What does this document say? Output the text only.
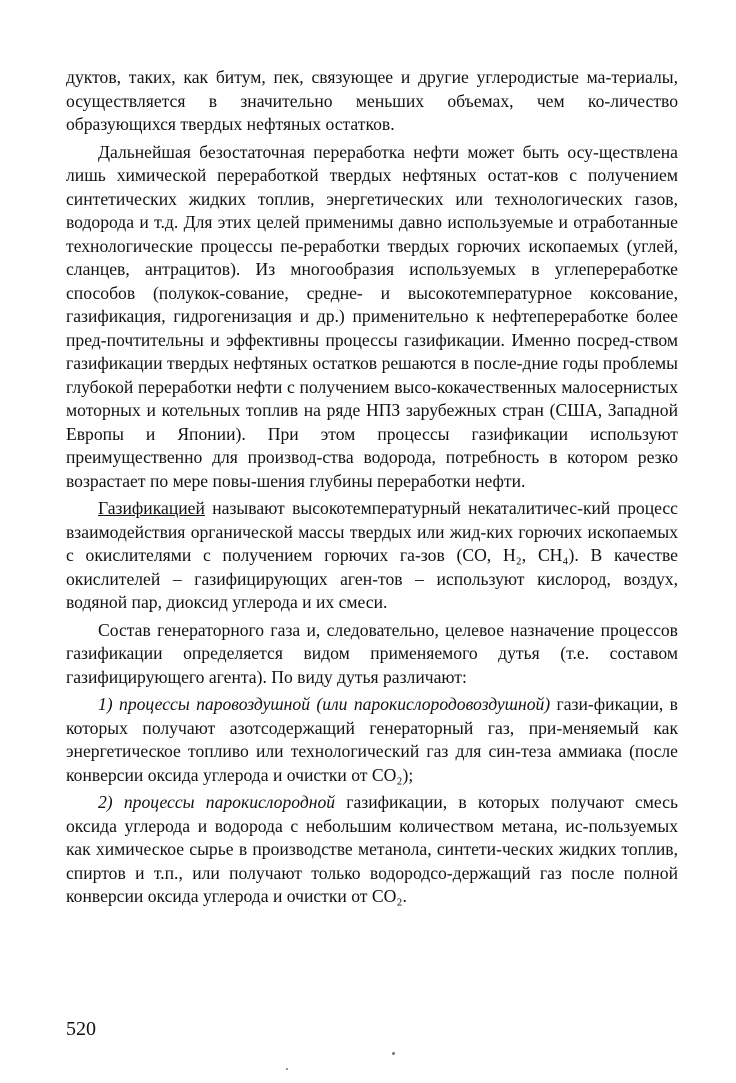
дуктов, таких, как битум, пек, связующее и другие углеродистые ма-териалы, осуществляется в значительно меньших объемах, чем ко-личество образующихся твердых нефтяных остатков.

Дальнейшая безостаточная переработка нефти может быть осу-ществлена лишь химической переработкой твердых нефтяных остат-ков с получением синтетических жидких топлив, энергетических или технологических газов, водорода и т.д. Для этих целей применимы давно используемые и отработанные технологические процессы пе-реработки твердых горючих ископаемых (углей, сланцев, антрацитов). Из многообразия используемых в углепереработке способов (полукок-сование, средне- и высокотемпературное коксование, газификация, гидрогенизация и др.) применительно к нефтепереработке более пред-почтительны и эффективны процессы газификации. Именно посред-ством газификации твердых нефтяных остатков решаются в после-дние годы проблемы глубокой переработки нефти с получением высо-кокачественных малосернистых моторных и котельных топлив на ряде НПЗ зарубежных стран (США, Западной Европы и Японии). При этом процессы газификации используют преимущественно для производ-ства водорода, потребность в котором резко возрастает по мере повы-шения глубины переработки нефти.

Газификацией называют высокотемпературный некаталитичес-кий процесс взаимодействия органической массы твердых или жид-ких горючих ископаемых с окислителями с получением горючих га-зов (СО, Н₂, СН₄). В качестве окислителей – газифицирующих аген-тов – используют кислород, воздух, водяной пар, диоксид углерода и их смеси.

Состав генераторного газа и, следовательно, целевое назначение процессов газификации определяется видом применяемого дутья (т.е. составом газифицирующего агента). По виду дутья различают:

1) процессы паровоздушной (или парокислородовоздушной) гази-фикации, в которых получают азотсодержащий генераторный газ, при-меняемый как энергетическое топливо или технологический газ для син-теза аммиака (после конверсии оксида углерода и очистки от СО₂);

2) процессы парокислородной газификации, в которых получают смесь оксида углерода и водорода с небольшим количеством метана, ис-пользуемых как химическое сырье в производстве метанола, синтети-ческих жидких топлив, спиртов и т.п., или получают только водородсо-держащий газ после полной конверсии оксида углерода и очистки от СО₂.

520
